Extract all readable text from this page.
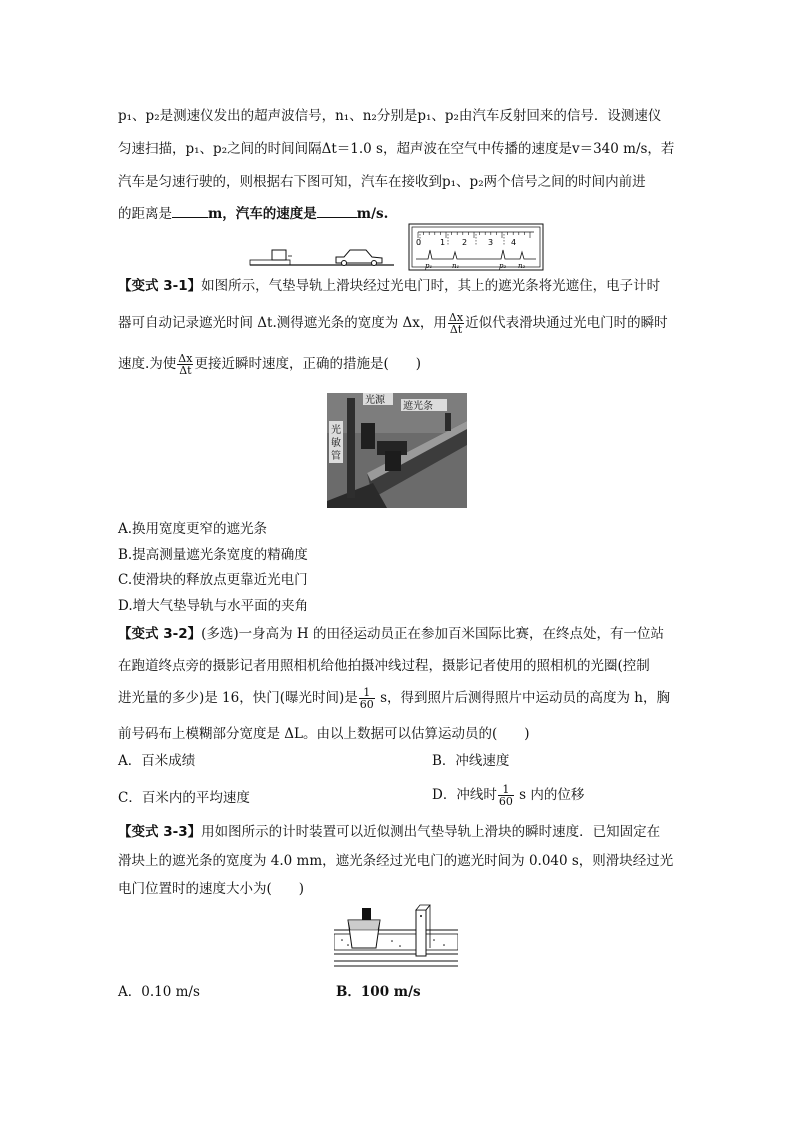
p₁、p₂是测速仪发出的超声波信号，n₁、n₂分别是p₁、p₂由汽车反射回来的信号．设测速仪
匀速扫描，p₁、p₂之间的时间间隔Δt＝1.0 s，超声波在空气中传播的速度是v＝340 m/s，若
汽车是匀速行驶的，则根据右下图可知，汽车在接收到p₁、p₂两个信号之间的时间内前进
的距离是	m，汽车的速度是	m/s.
0 1 2	3 4
p₁	n₁	p₂ n₂
【变式 3-1】如图所示，气垫导轨上滑块经过光电门时，其上的遮光条将光遮住，电子计时
器可自动记录遮光时间 Δt.测得遮光条的宽度为 Δx，用 $\frac{\Delta x}{\Delta t}$ 近似代表滑块通过光电门时的瞬时
速度.为使 $\frac{\Delta x}{\Delta t}$ 更接近瞬时速度，正确的措施是(　　)
光源
遮光条
光
敏
管
A.换用宽度更窄的遮光条
B.提高测量遮光条宽度的精确度
C.使滑块的释放点更靠近光电门
D.增大气垫导轨与水平面的夹角
【变式 3-2】(多选)一身高为 H 的田径运动员正在参加百米国际比赛，在终点处，有一位站
在跑道终点旁的摄影记者用照相机给他拍摄冲线过程，摄影记者使用的照相机的光圈(控制
进光量的多少)是 16，快门(曝光时间)是 $\frac{1}{60}$ s，得到照片后测得照片中运动员的高度为 h，胸
前号码布上模糊部分宽度是 ΔL。由以上数据可以估算运动员的(　　)
A．百米成绩	B．冲线速度
C．百米内的平均速度	D．冲线时 $\frac{1}{60}$ s 内的位移
【变式 3-3】用如图所示的计时装置可以近似测出气垫导轨上滑块的瞬时速度．已知固定在
滑块上的遮光条的宽度为 4.0 mm，遮光条经过光电门的遮光时间为 0.040 s，则滑块经过光
电门位置时的速度大小为(　　)
A．0.10 m/s	B．100 m/s
